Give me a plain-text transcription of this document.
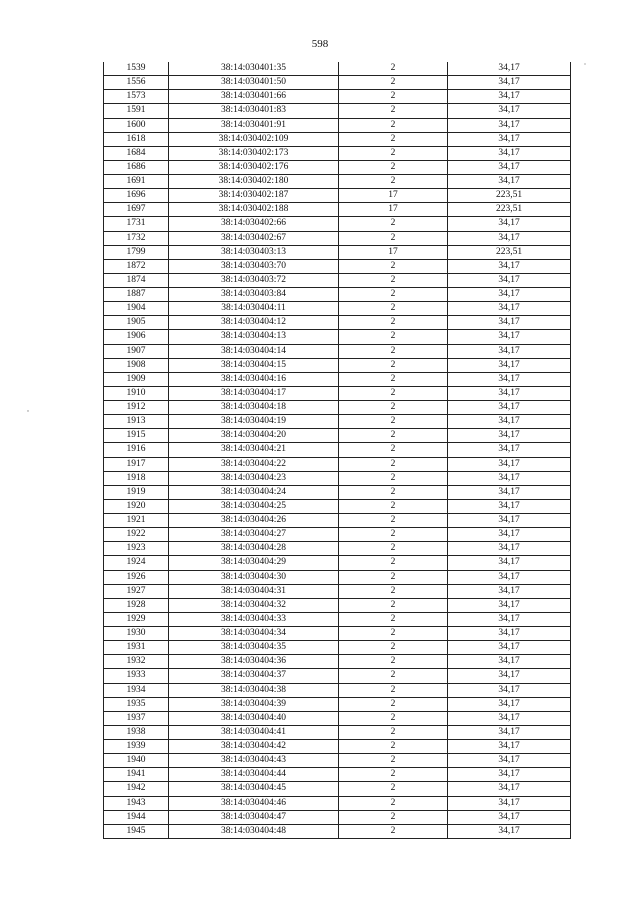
598
1539	38:14:030401:35	2	34,17
1556	38:14:030401:50	2	34,17
1573	38:14:030401:66	2	34,17
1591	38:14:030401:83	2	34,17
1600	38:14:030401:91	2	34,17
1618	38:14:030402:109	2	34,17
1684	38:14:030402:173	2	34,17
1686	38:14:030402:176	2	34,17
1691	38:14:030402:180	2	34,17
1696	38:14:030402:187	17	223,51
1697	38:14:030402:188	17	223,51
1731	38:14:030402:66	2	34,17
1732	38:14:030402:67	2	34,17
1799	38:14:030403:13	17	223,51
1872	38:14:030403:70	2	34,17
1874	38:14:030403:72	2	34,17
1887	38:14:030403:84	2	34,17
1904	38:14:030404:11	2	34,17
1905	38:14:030404:12	2	34,17
1906	38:14:030404:13	2	34,17
1907	38:14:030404:14	2	34,17
1908	38:14:030404:15	2	34,17
1909	38:14:030404:16	2	34,17
1910	38:14:030404:17	2	34,17
1912	38:14:030404:18	2	34,17
1913	38:14:030404:19	2	34,17
1915	38:14:030404:20	2	34,17
1916	38:14:030404:21	2	34,17
1917	38:14:030404:22	2	34,17
1918	38:14:030404:23	2	34,17
1919	38:14:030404:24	2	34,17
1920	38:14:030404:25	2	34,17
1921	38:14:030404:26	2	34,17
1922	38:14:030404:27	2	34,17
1923	38:14:030404:28	2	34,17
1924	38:14:030404:29	2	34,17
1926	38:14:030404:30	2	34,17
1927	38:14:030404:31	2	34,17
1928	38:14:030404:32	2	34,17
1929	38:14:030404:33	2	34,17
1930	38:14:030404:34	2	34,17
1931	38:14:030404:35	2	34,17
1932	38:14:030404:36	2	34,17
1933	38:14:030404:37	2	34,17
1934	38:14:030404:38	2	34,17
1935	38:14:030404:39	2	34,17
1937	38:14:030404:40	2	34,17
1938	38:14:030404:41	2	34,17
1939	38:14:030404:42	2	34,17
1940	38:14:030404:43	2	34,17
1941	38:14:030404:44	2	34,17
1942	38:14:030404:45	2	34,17
1943	38:14:030404:46	2	34,17
1944	38:14:030404:47	2	34,17
1945	38:14:030404:48	2	34,17
